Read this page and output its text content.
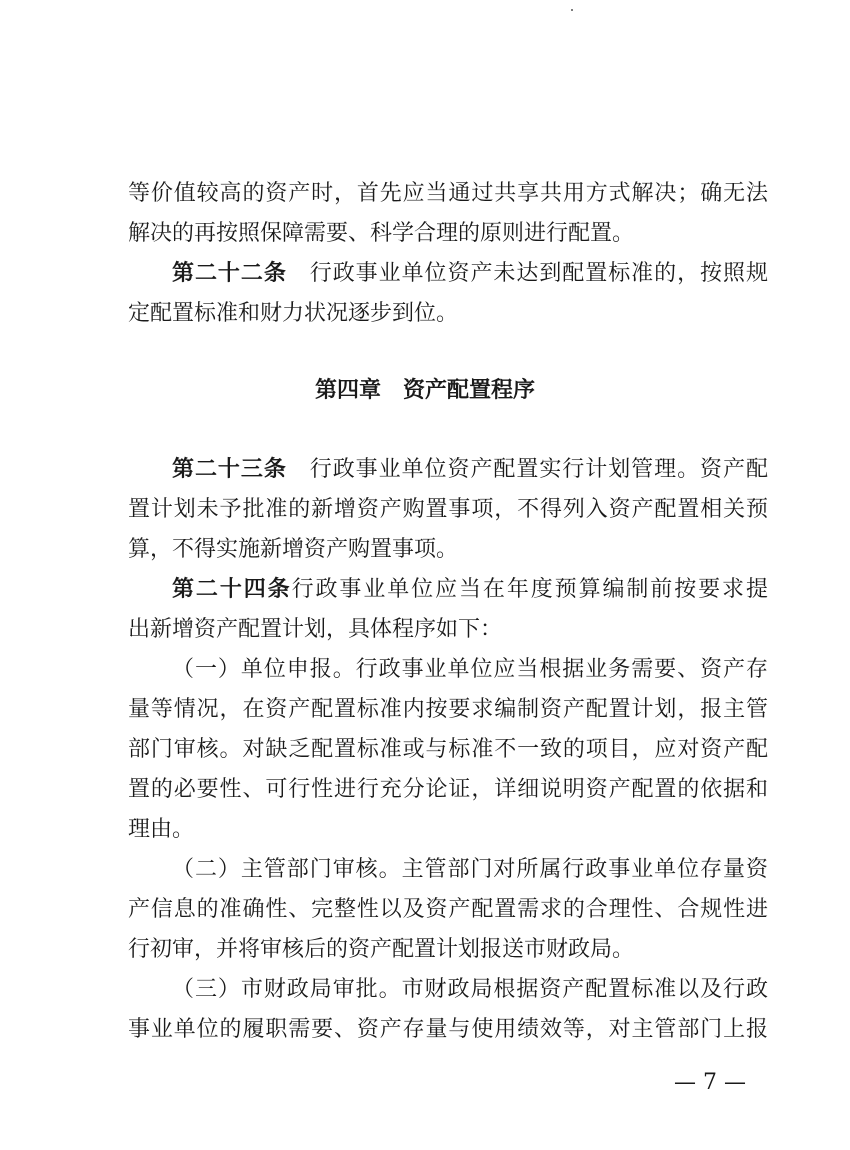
等价值较高的资产时，首先应当通过共享共用方式解决；确无法
解决的再按照保障需要、科学合理的原则进行配置。
第二十二条　行政事业单位资产未达到配置标准的，按照规
定配置标准和财力状况逐步到位。
第四章　资产配置程序
第二十三条　行政事业单位资产配置实行计划管理。资产配
置计划未予批准的新增资产购置事项，不得列入资产配置相关预
算，不得实施新增资产购置事项。
第二十四条行政事业单位应当在年度预算编制前按要求提
出新增资产配置计划，具体程序如下：
（一）单位申报。行政事业单位应当根据业务需要、资产存
量等情况，在资产配置标准内按要求编制资产配置计划，报主管
部门审核。对缺乏配置标准或与标准不一致的项目，应对资产配
置的必要性、可行性进行充分论证，详细说明资产配置的依据和
理由。
（二）主管部门审核。主管部门对所属行政事业单位存量资
产信息的准确性、完整性以及资产配置需求的合理性、合规性进
行初审，并将审核后的资产配置计划报送市财政局。
（三）市财政局审批。市财政局根据资产配置标准以及行政
事业单位的履职需要、资产存量与使用绩效等，对主管部门上报
— 7 —
